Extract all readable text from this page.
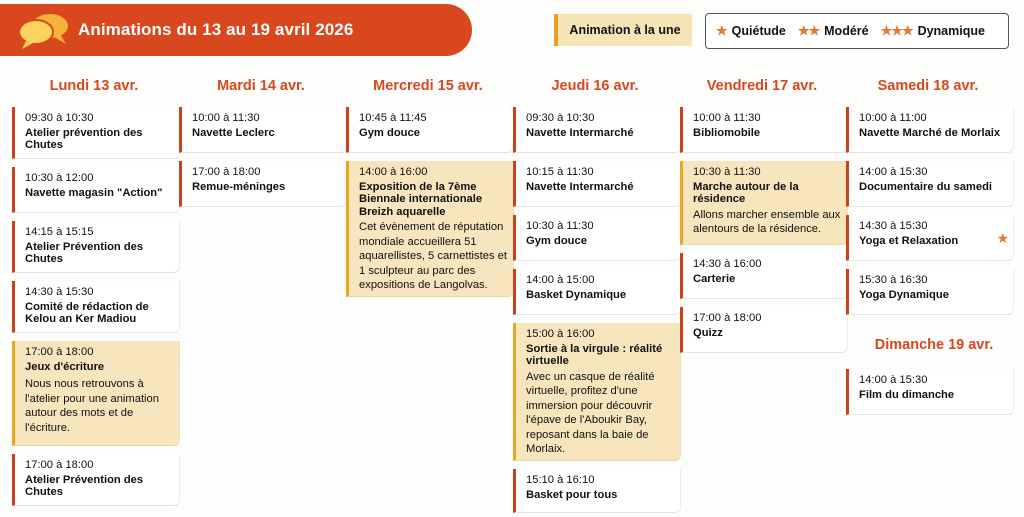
Animations du 13 au 19 avril 2026	Animation à la une	★ Quiétude ★★ Modéré ★★★ Dynamique
Lundi 13 avr.	Mardi 14 avr.	Mercredi 15 avr.	Jeudi 16 avr.	Vendredi 17 avr.	Samedi 18 avr.
Dimanche 19 avr.
09:30 à 10:30
Atelier prévention des Chutes
10:30 à 12:00
Navette magasin "Action"
14:15 à 15:15
Atelier Prévention des Chutes
14:30 à 15:30
Comité de rédaction de Kelou an Ker Madiou
17:00 à 18:00
Jeux d'écriture
Nous nous retrouvons à l'atelier pour une animation autour des mots et de l'écriture.
17:00 à 18:00
Atelier Prévention des Chutes
10:00 à 11:30
Navette Leclerc
17:00 à 18:00
Remue-méninges
10:45 à 11:45
Gym douce
14:00 à 16:00
Exposition de la 7ème Biennale internationale Breizh aquarelle
Cet évènement de réputation mondiale accueillera 51 aquarellistes, 5 carnettistes et 1 sculpteur au parc des expositions de Langolvas.
09:30 à 10:30
Navette Intermarché
10:15 à 11:30
Navette Intermarché
10:30 à 11:30
Gym douce
14:00 à 15:00
Basket Dynamique
15:00 à 16:00
Sortie à la virgule : réalité virtuelle
Avec un casque de réalité virtuelle, profitez d'une immersion pour découvrir l'épave de l'Aboukir Bay, reposant dans la baie de Morlaix.
15:10 à 16:10
Basket pour tous
10:00 à 11:30
Bibliomobile
10:30 à 11:30
Marche autour de la résidence
Allons marcher ensemble aux alentours de la résidence.
14:30 à 16:00
Carterie
17:00 à 18:00
Quizz
10:00 à 11:00
Navette Marché de Morlaix
14:00 à 15:30
Documentaire du samedi
14:30 à 15:30
Yoga et Relaxation	★
15:30 à 16:30
Yoga Dynamique
14:00 à 15:30
Film du dimanche
